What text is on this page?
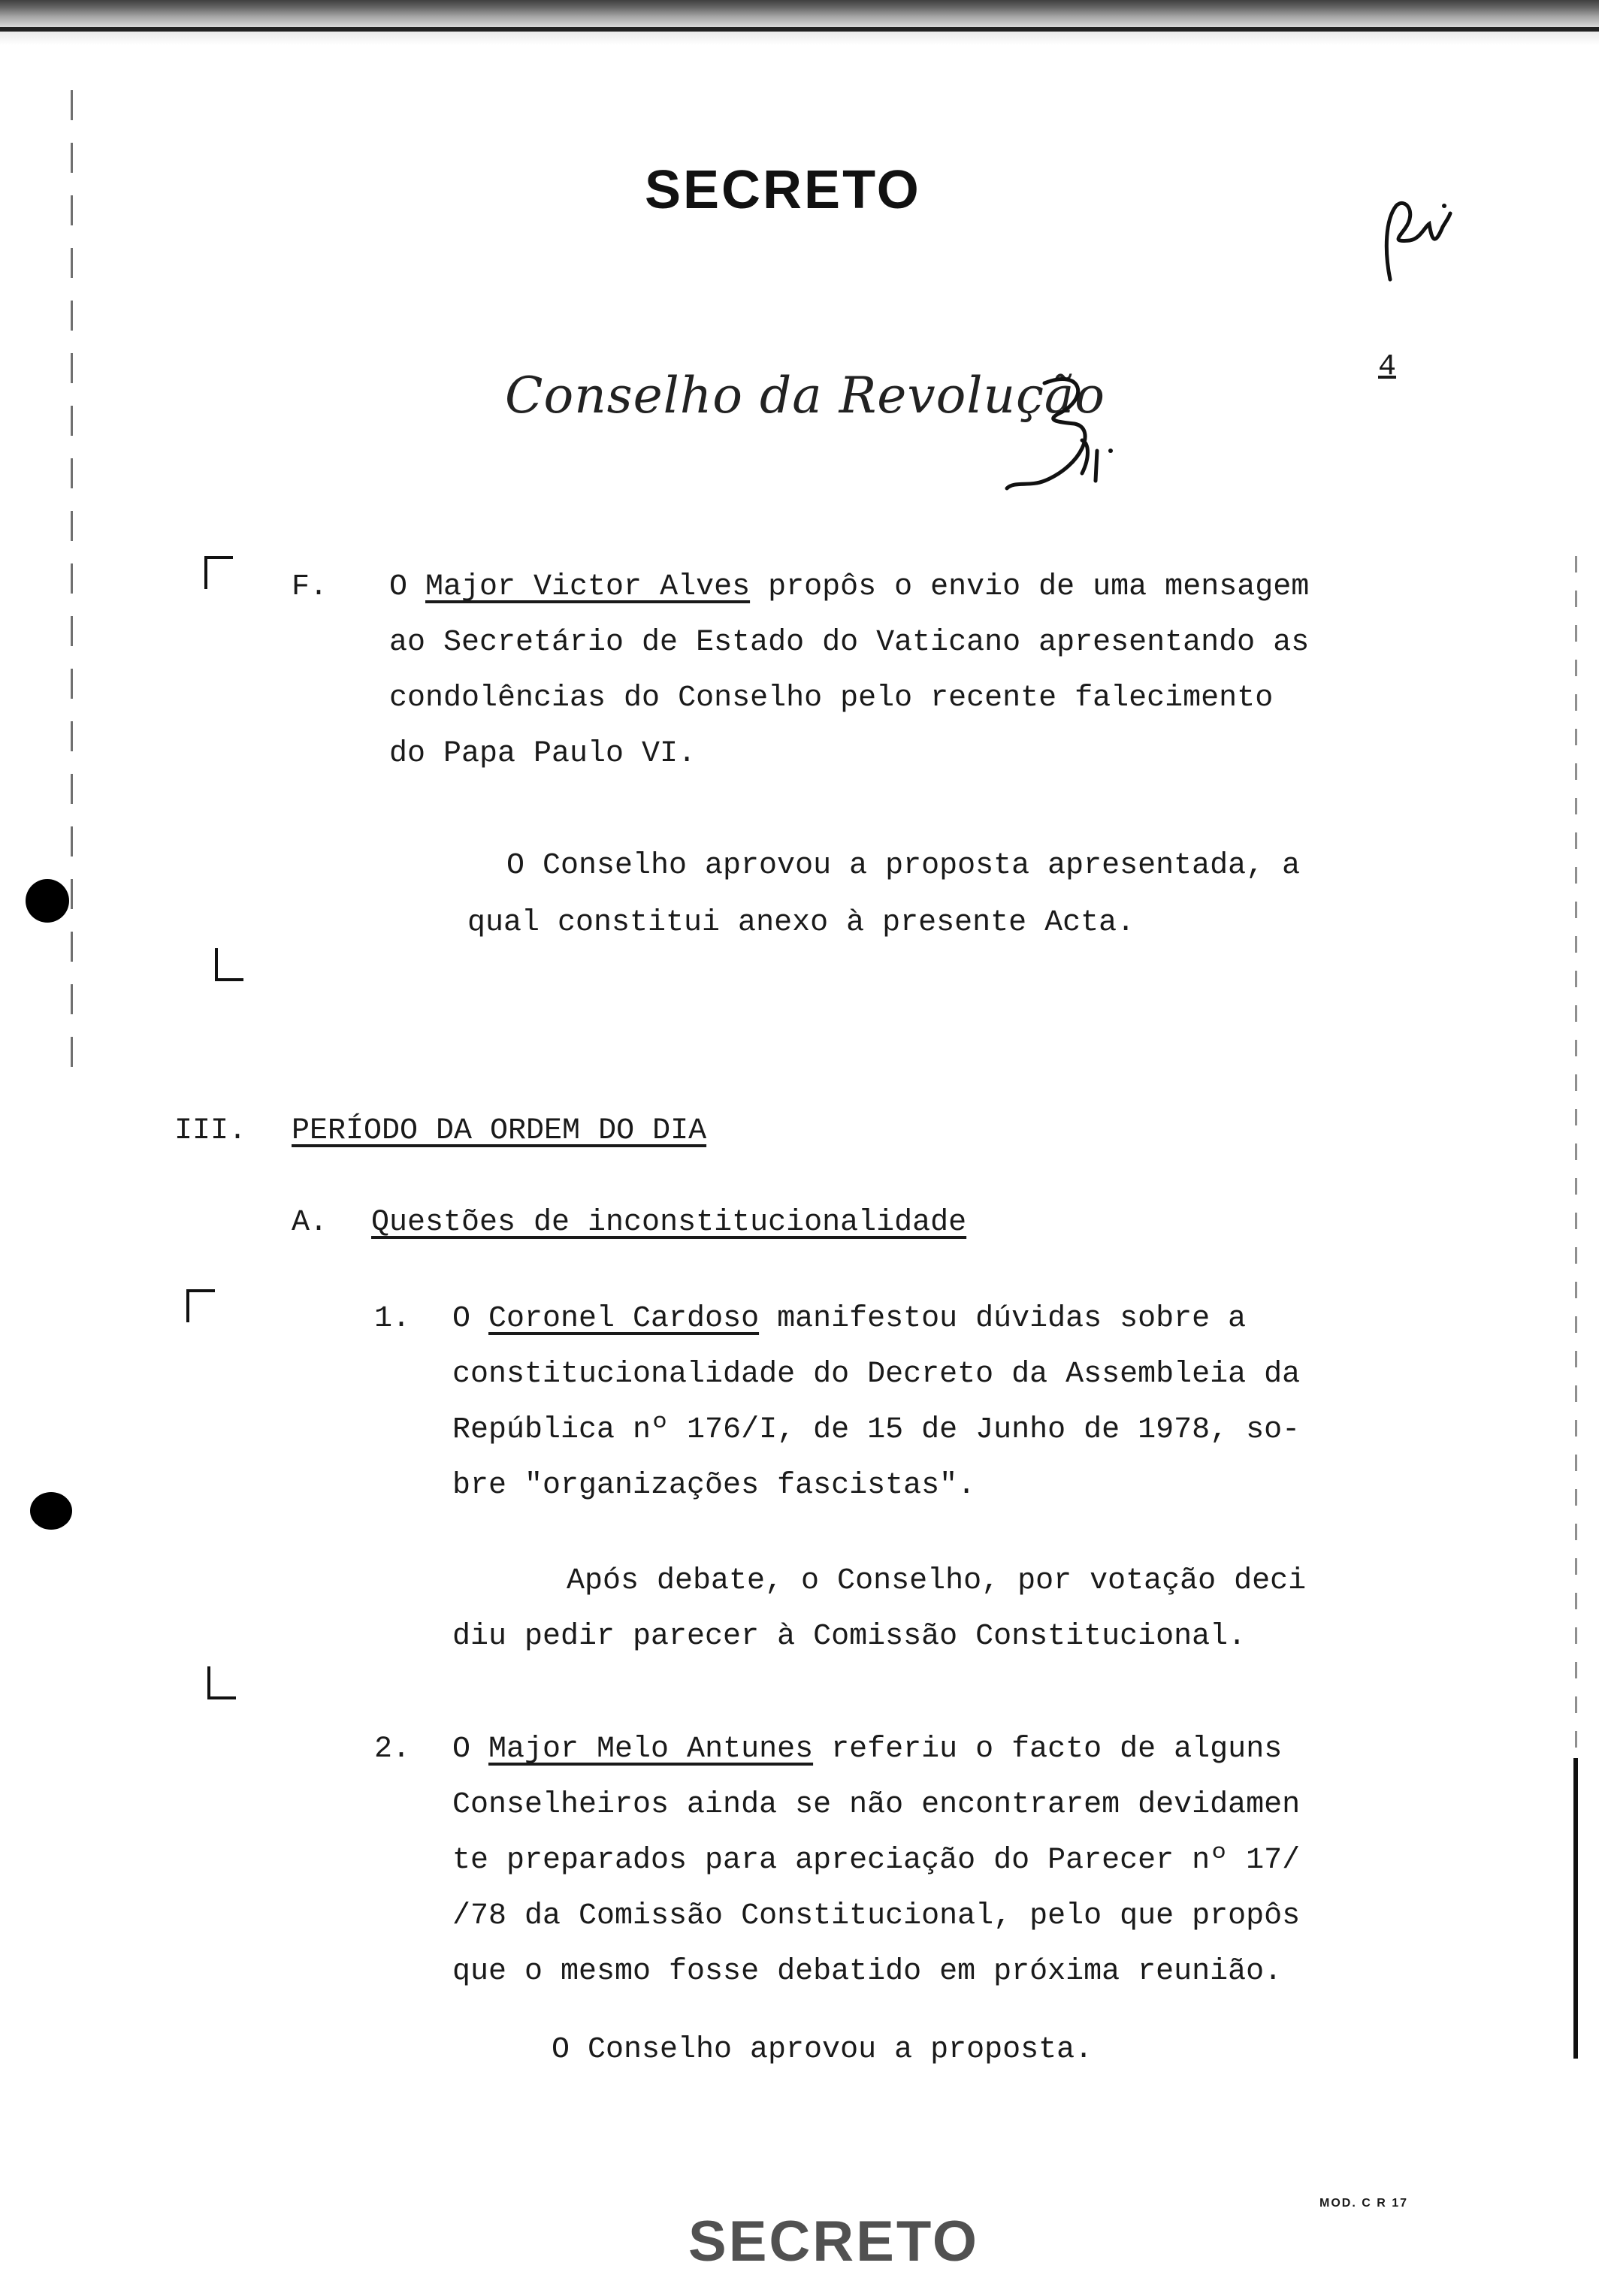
SECRETO
Conselho da Revolução	4
F. O Major Victor Alves propôs o envio de uma mensagem
ao Secretário de Estado do Vaticano apresentando as
condolências do Conselho pelo recente falecimento
do Papa Paulo VI.
O Conselho aprovou a proposta apresentada, a
qual constitui anexo à presente Acta.
III. PERÍODO DA ORDEM DO DIA
A. Questões de inconstitucionalidade
1. O Coronel Cardoso manifestou dúvidas sobre a
constitucionalidade do Decreto da Assembleia da
República nº 176/I, de 15 de Junho de 1978, so-
bre "organizações fascistas".
Após debate, o Conselho, por votação deci
diu pedir parecer à Comissão Constitucional.
2. O Major Melo Antunes referiu o facto de alguns
Conselheiros ainda se não encontrarem devidamen
te preparados para apreciação do Parecer nº 17/
/78 da Comissão Constitucional, pelo que propôs
que o mesmo fosse debatido em próxima reunião.
O Conselho aprovou a proposta.
MOD. C R 17
SECRETO
